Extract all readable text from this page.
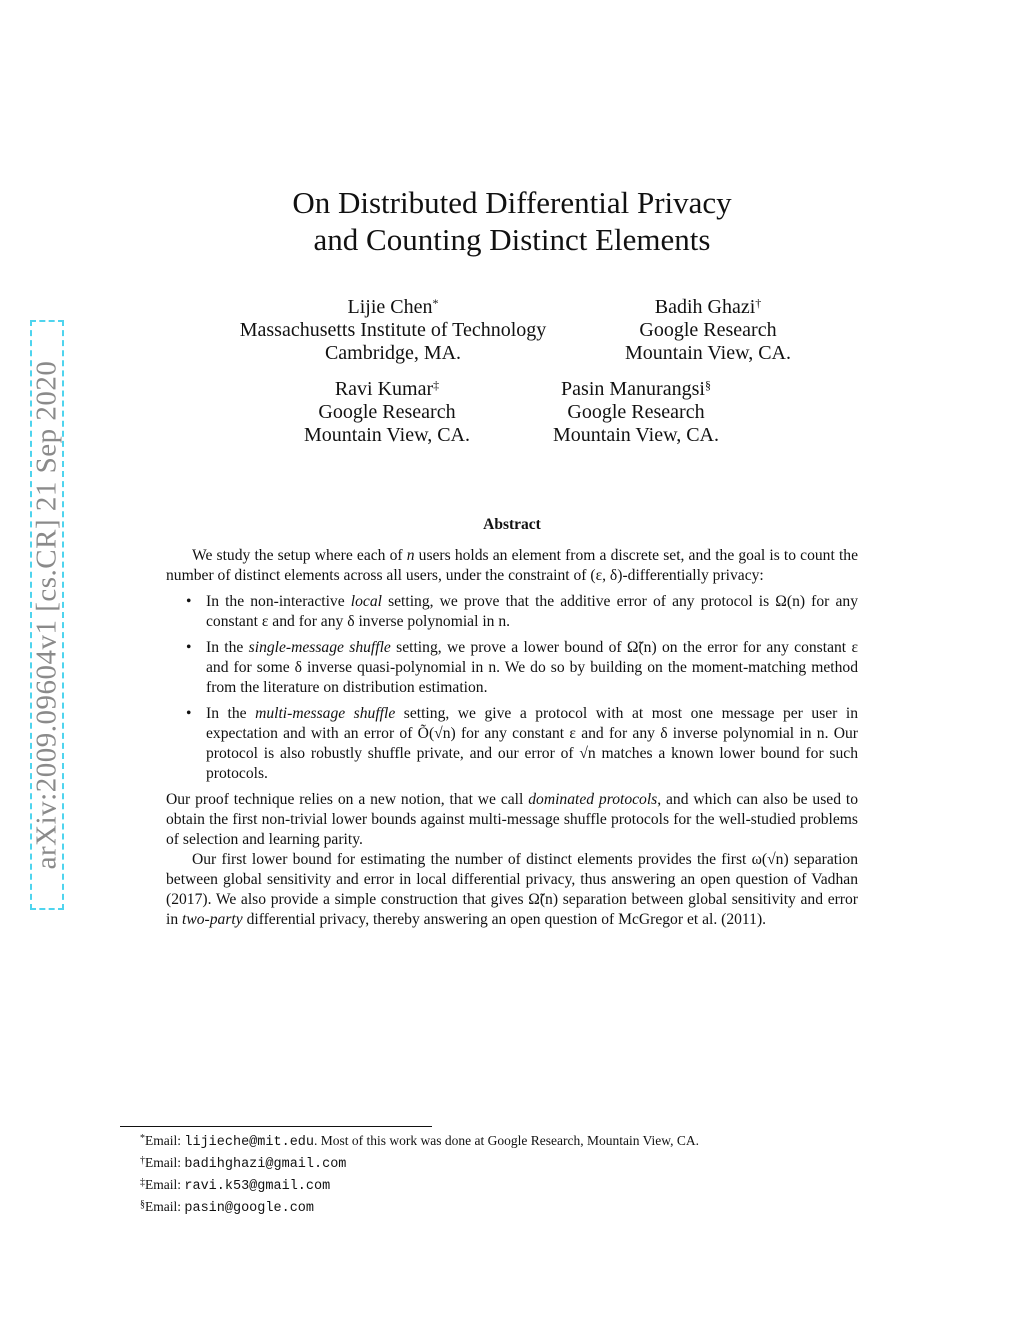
arXiv:2009.09604v1 [cs.CR] 21 Sep 2020
On Distributed Differential Privacy
and Counting Distinct Elements
Lijie Chen*
Massachusetts Institute of Technology
Cambridge, MA.
Badih Ghazi†
Google Research
Mountain View, CA.
Ravi Kumar‡
Google Research
Mountain View, CA.
Pasin Manurangsi§
Google Research
Mountain View, CA.
Abstract

We study the setup where each of n users holds an element from a discrete set, and the goal is to count the number of distinct elements across all users, under the constraint of (ε, δ)-differentially privacy:

• In the non-interactive local setting, we prove that the additive error of any protocol is Ω(n) for any constant ε and for any δ inverse polynomial in n.
• In the single-message shuffle setting, we prove a lower bound of Ω̃(n) on the error for any constant ε and for some δ inverse quasi-polynomial in n. We do so by building on the moment-matching method from the literature on distribution estimation.
• In the multi-message shuffle setting, we give a protocol with at most one message per user in expectation and with an error of Õ(√n) for any constant ε and for any δ inverse polynomial in n. Our protocol is also robustly shuffle private, and our error of √n matches a known lower bound for such protocols.

Our proof technique relies on a new notion, that we call dominated protocols, and which can also be used to obtain the first non-trivial lower bounds against multi-message shuffle protocols for the well-studied problems of selection and learning parity.

Our first lower bound for estimating the number of distinct elements provides the first ω(√n) separation between global sensitivity and error in local differential privacy, thus answering an open question of Vadhan (2017). We also provide a simple construction that gives Ω̃(n) separation between global sensitivity and error in two-party differential privacy, thereby answering an open question of McGregor et al. (2011).

*Email: lijieche@mit.edu. Most of this work was done at Google Research, Mountain View, CA.
†Email: badihghazi@gmail.com
‡Email: ravi.k53@gmail.com
§Email: pasin@google.com
